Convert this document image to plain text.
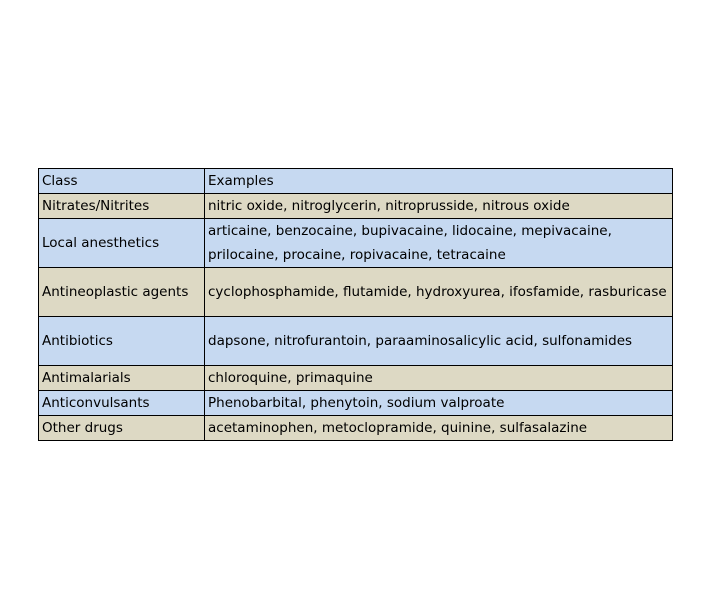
Class	Examples
Nitrates/Nitrites	nitric oxide, nitroglycerin, nitroprusside, nitrous oxide
Local anesthetics	articaine, benzocaine, bupivacaine, lidocaine, mepivacaine, prilocaine, procaine, ropivacaine, tetracaine
Antineoplastic agents	cyclophosphamide, flutamide, hydroxyurea, ifosfamide, rasburicase
Antibiotics	dapsone, nitrofurantoin, paraaminosalicylic acid, sulfonamides
Antimalarials	chloroquine, primaquine
Anticonvulsants	Phenobarbital, phenytoin, sodium valproate
Other drugs	acetaminophen, metoclopramide, quinine, sulfasalazine
